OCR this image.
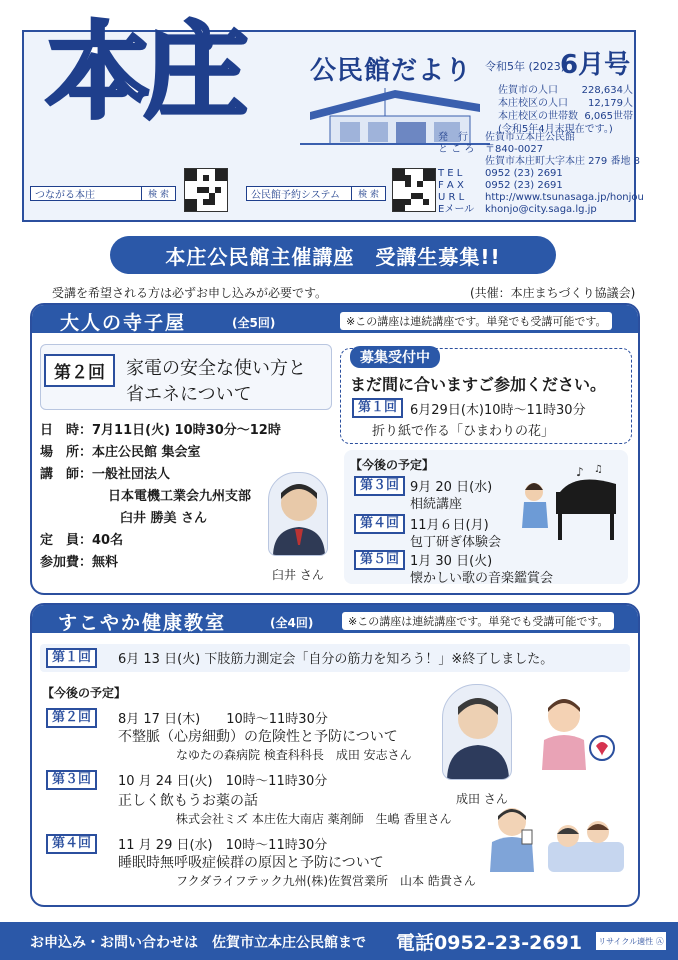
本庄	公民館だより 令和5年 (2023)
6月号
佐賀市の人口 228,634人
本庄校区の人口 12,179人
本庄校区の世帯数 6,065世帯
(令和5年4月末現在です。)
発　行	佐賀市立本庄公民館
と こ ろ	〒840-0027
佐賀市本庄町大字本庄 279 番地 8
T E L	0952 (23) 2691
F A X	0952 (23) 2691
U R L	http://www.tsunasaga.jp/honjou
Eメール	khonjo@city.saga.lg.jp
つながる本庄	検 索	公民館予約システム 検 索
本庄公民館主催講座　受講生募集!!
受講を希望される方は必ずお申し込みが必要です。	(共催：本庄まちづくり協議会)
大人の寺子屋	(全5回)	※この講座は連続講座です。単発でも受講可能です。
第２回	家電の安全な使い方と
省エネについて
日　時：7月11日(火) 10時30分～12時
場　所：本庄公民館 集会室
講　師：一般社団法人
日本電機工業会九州支部
臼井 勝美 さん
定　員：40名
参加費：無料
臼井 さん
募集受付中
まだ間に合いますご参加ください。
第１回 6月29日(木)10時～11時30分
折り紙で作る「ひまわりの花」
【今後の予定】
第３回 9月 20 日(水)
相続講座
第４回 11月６日(月)
包丁研ぎ体験会
第５回 1月 30 日(火)
懐かしい歌の音楽鑑賞会
♪ ♫
すこやか健康教室	(全4回)	※この講座は連続講座です。単発でも受講可能です。
第１回	6月 13 日(火) 下肢筋力測定会「自分の筋力を知ろう！」※終了しました。
【今後の予定】
第２回	8月 17 日(木)　　10時～11時30分
不整脈（心房細動）の危険性と予防について
なゆたの森病院 検査科科長　成田 安志さん
第３回	10 月 24 日(火)　10時～11時30分
正しく飲もうお薬の話
株式会社ミズ 本庄佐大南店 薬剤師　生嶋 香里さん
第４回	11 月 29 日(水)　10時～11時30分
睡眠時無呼吸症候群の原因と予防について
フクダライフテック九州(株)佐賀営業所　山本 皓貴さん
成田 さん
お申込み・お問い合わせは　佐賀市立本庄公民館まで 電話0952-23-2691 リサイクル適性 Ⓐ
